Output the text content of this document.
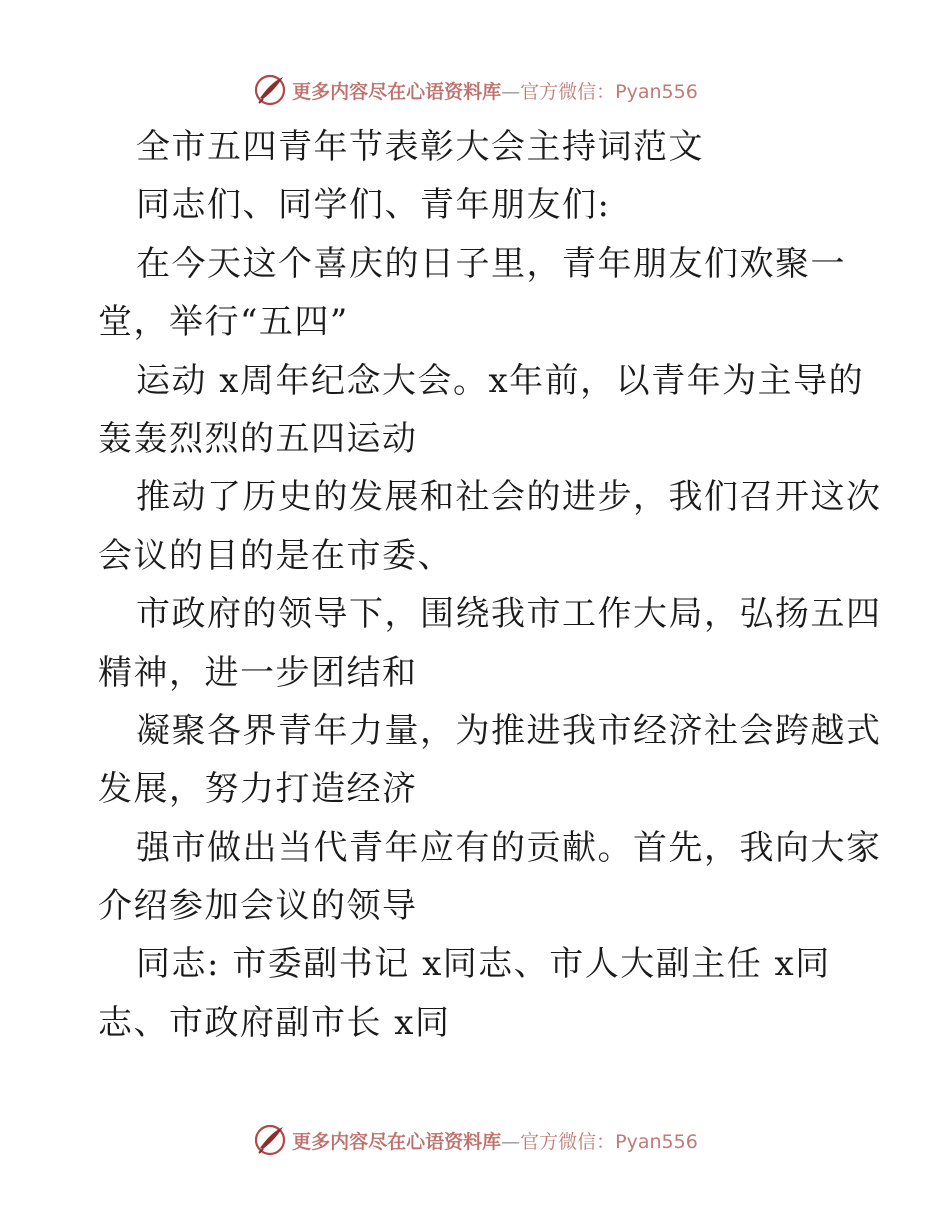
更多内容尽在心语资料库—官方微信：Pyan556
全市五四青年节表彰大会主持词范文
同志们、同学们、青年朋友们:
在今天这个喜庆的日子里，青年朋友们欢聚一
堂，举行“五四”
运动 x周年纪念大会。x年前，以青年为主导的
轰轰烈烈的五四运动
推动了历史的发展和社会的进步，我们召开这次
会议的目的是在市委、
市政府的领导下，围绕我市工作大局，弘扬五四
精神，进一步团结和
凝聚各界青年力量，为推进我市经济社会跨越式
发展，努力打造经济
强市做出当代青年应有的贡献。首先，我向大家
介绍参加会议的领导
同志: 市委副书记 x同志、市人大副主任 x同
志、市政府副市长 x同
更多内容尽在心语资料库—官方微信：Pyan556
